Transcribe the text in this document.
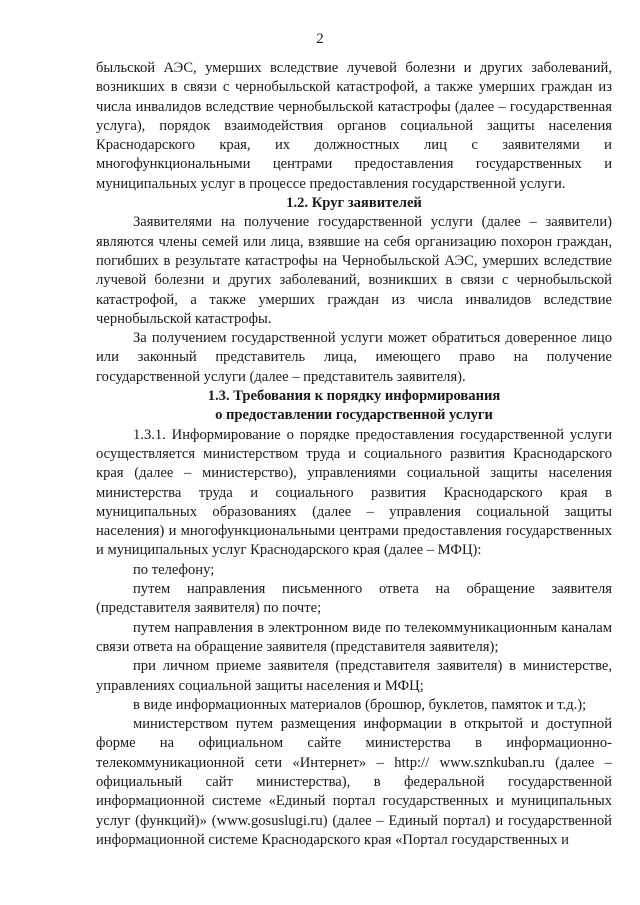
2

быльской АЭС, умерших вследствие лучевой болезни и других заболеваний, возникших в связи с чернобыльской катастрофой, а также умерших граждан из числа инвалидов вследствие чернобыльской катастрофы (далее – государственная услуга), порядок взаимодействия органов социальной защиты населения Краснодарского края, их должностных лиц с заявителями и многофункциональными центрами предоставления государственных и муниципальных услуг в процессе предоставления государственной услуги.

1.2. Круг заявителей

Заявителями на получение государственной услуги (далее – заявители) являются члены семей или лица, взявшие на себя организацию похорон граждан, погибших в результате катастрофы на Чернобыльской АЭС, умерших вследствие лучевой болезни и других заболеваний, возникших в связи с чернобыльской катастрофой, а также умерших граждан из числа инвалидов вследствие чернобыльской катастрофы.

За получением государственной услуги может обратиться доверенное лицо или законный представитель лица, имеющего право на получение государственной услуги (далее – представитель заявителя).

1.3. Требования к порядку информирования
о предоставлении государственной услуги

1.3.1. Информирование о порядке предоставления государственной услуги осуществляется министерством труда и социального развития Краснодарского края (далее – министерство), управлениями социальной защиты населения министерства труда и социального развития Краснодарского края в муниципальных образованиях (далее – управления социальной защиты населения) и многофункциональными центрами предоставления государственных и муниципальных услуг Краснодарского края (далее – МФЦ):

по телефону;

путем направления письменного ответа на обращение заявителя (представителя заявителя) по почте;

путем направления в электронном виде по телекоммуникационным каналам связи ответа на обращение заявителя (представителя заявителя);

при личном приеме заявителя (представителя заявителя) в министерстве, управлениях социальной защиты населения и МФЦ;

в виде информационных материалов (брошюр, буклетов, памяток и т.д.);

министерством путем размещения информации в открытой и доступной форме на официальном сайте министерства в информационно-телекоммуникационной сети «Интернет» – http:// www.sznkuban.ru (далее – официальный сайт министерства), в федеральной государственной информационной системе «Единый портал государственных и муниципальных услуг (функций)» (www.gosuslugi.ru) (далее – Единый портал) и государственной информационной системе Краснодарского края «Портал государственных и
